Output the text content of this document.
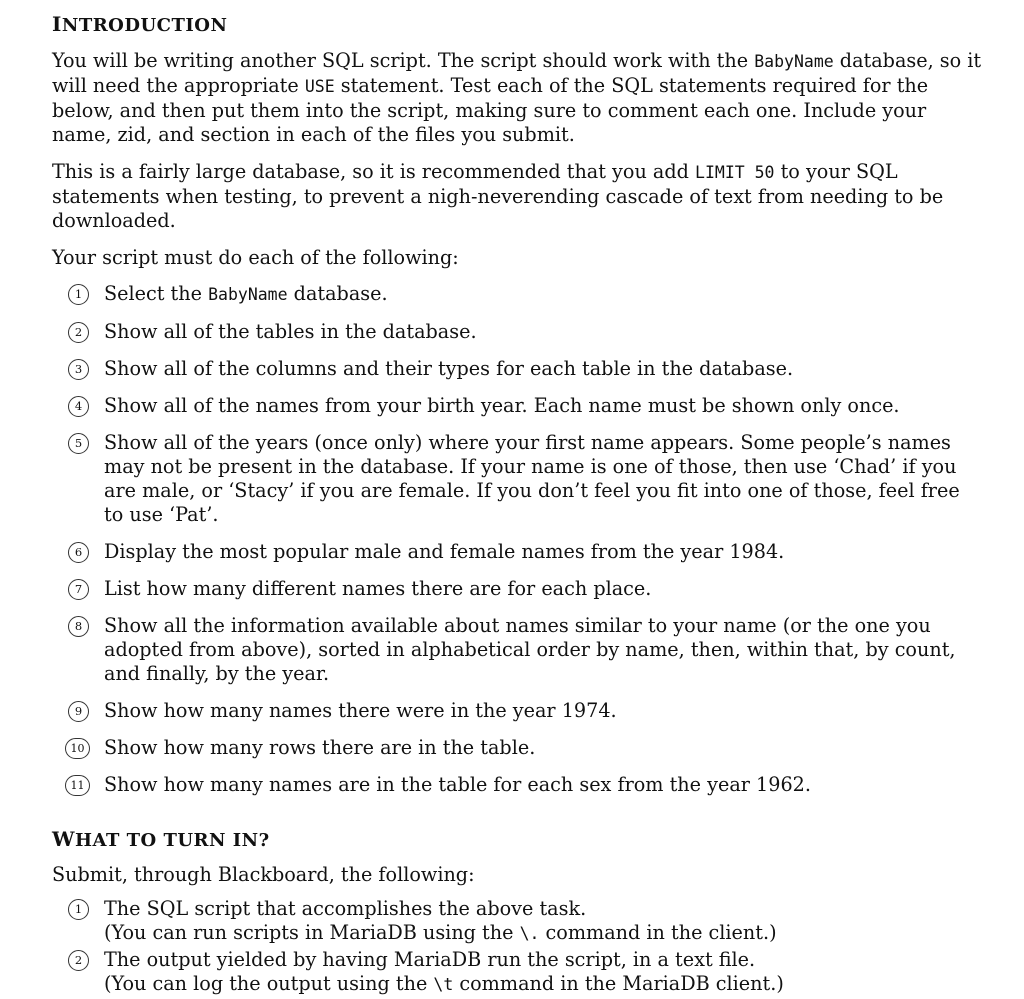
INTRODUCTION

You will be writing another SQL script. The script should work with the BabyName database, so it will need the appropriate USE statement. Test each of the SQL statements required for the below, and then put them into the script, making sure to comment each one. Include your name, zid, and section in each of the files you submit.

This is a fairly large database, so it is recommended that you add LIMIT 50 to your SQL statements when testing, to prevent a nigh-neverending cascade of text from needing to be downloaded.

Your script must do each of the following:

1	Select the BabyName database.
2	Show all of the tables in the database.
3	Show all of the columns and their types for each table in the database.
4	Show all of the names from your birth year. Each name must be shown only once.
5	Show all of the years (once only) where your first name appears. Some people’s names may not be present in the database. If your name is one of those, then use ‘Chad’ if you are male, or ‘Stacy’ if you are female. If you don’t feel you fit into one of those, feel free to use ‘Pat’.
6	Display the most popular male and female names from the year 1984.
7	List how many different names there are for each place.
8	Show all the information available about names similar to your name (or the one you adopted from above), sorted in alphabetical order by name, then, within that, by count, and finally, by the year.
9	Show how many names there were in the year 1974.
10 Show how many rows there are in the table.
11 Show how many names are in the table for each sex from the year 1962.
WHAT TO TURN IN?

Submit, through Blackboard, the following:

1	The SQL script that accomplishes the above task.
(You can run scripts in MariaDB using the \. command in the client.)
2	The output yielded by having MariaDB run the script, in a text file.
(You can log the output using the \t command in the MariaDB client.)
